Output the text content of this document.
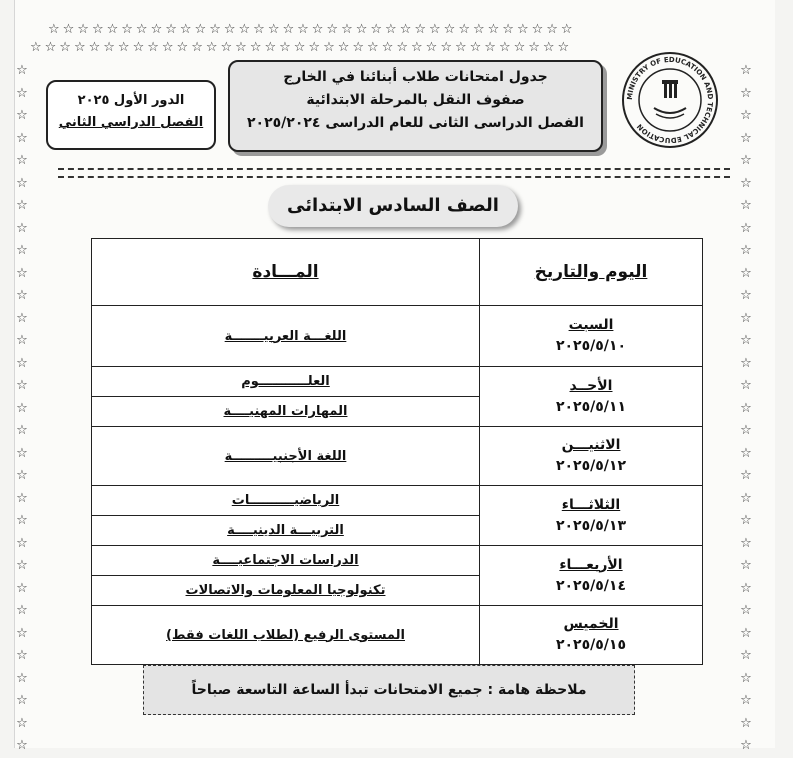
☆☆☆☆☆☆☆☆☆☆☆☆☆☆☆☆☆☆☆☆☆☆☆☆☆☆☆☆☆☆☆☆☆☆☆☆
☆☆☆☆☆☆☆☆☆☆☆☆☆☆☆☆☆☆☆☆☆☆☆☆☆☆☆☆☆☆☆☆☆☆☆☆☆
☆
☆
☆
☆
☆
☆
☆
☆
☆
☆
☆
☆
☆
☆
☆
☆
☆
☆
☆
☆
☆
☆
☆
☆
☆
☆
☆
☆
☆
☆
☆
☆
☆
☆
☆
☆
☆
☆
☆
☆
☆
☆
☆
☆
☆
☆
☆
☆
☆
☆
☆
☆
☆
☆
☆
☆
☆
☆
☆
☆
☆
☆
MINISTRY OF EDUCATION AND TECHNICAL EDUCATION
جدول امتحانات طلاب أبنائنا في الخارج
صفوف النقل بالمرحلة الابتدائية
الفصل الدراسى الثانى للعام الدراسى ٢٠٢٥/٢٠٢٤
الدور الأول ٢٠٢٥
الفصل الدراسي الثاني
الصف السادس الابتدائى
اليوم والتاريخ	المـــادة

السبت
٢٠٢٥/٥/١٠	اللغـــة العربيـــــــة

الأحــد
٢٠٢٥/٥/١١	العلـــــــــــوم
	المهارات المهنيــــة

الاثنيـــن
٢٠٢٥/٥/١٢	اللغة الأجنبيـــــــــة

الثلاثـــاء
٢٠٢٥/٥/١٣	الرياضيــــــــــات
	التربيـــة الدينيــــة

الأربعـــاء
٢٠٢٥/٥/١٤	الدراسات الاجتماعيــــة
	تكنولوجيا المعلومات والاتصالات

الخميس
٢٠٢٥/٥/١٥	المستوى الرفيع (لطلاب اللغات فقط)
ملاحظة هامة : جميع الامتحانات تبدأ الساعة التاسعة صباحاً
